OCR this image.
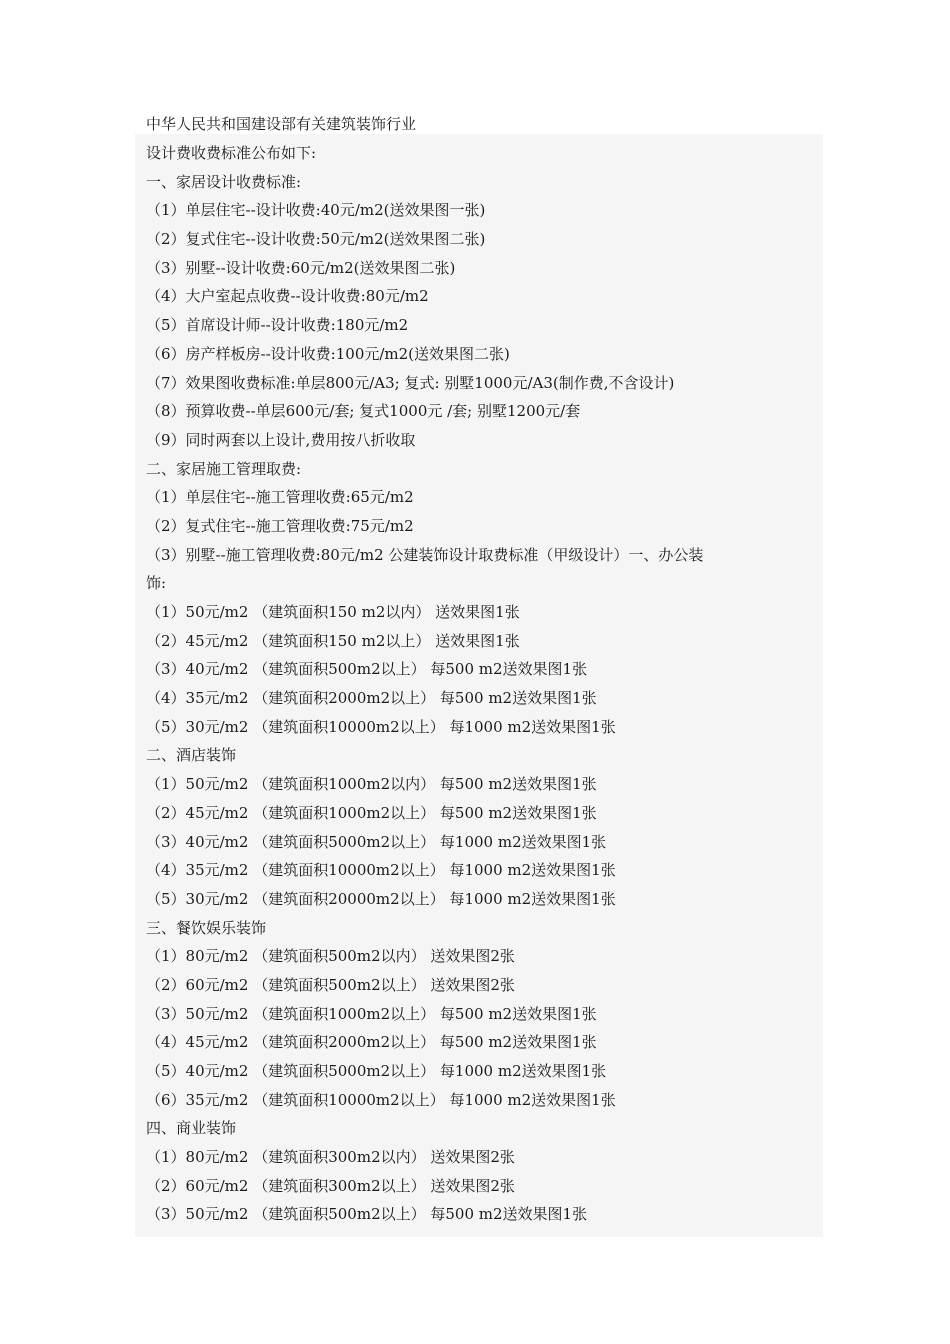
中华人民共和国建设部有关建筑装饰行业
设计费收费标准公布如下:
一、家居设计收费标准:
（1）单层住宅--设计收费:40元/m2(送效果图一张)
（2）复式住宅--设计收费:50元/m2(送效果图二张)
（3）别墅--设计收费:60元/m2(送效果图二张)
（4）大户室起点收费--设计收费:80元/m2
（5）首席设计师--设计收费:180元/m2
（6）房产样板房--设计收费:100元/m2(送效果图二张)
（7）效果图收费标准:单层800元/A3; 复式: 别墅1000元/A3(制作费,不含设计)
（8）预算收费--单层600元/套; 复式1000元 /套; 别墅1200元/套
（9）同时两套以上设计,费用按八折收取
二、家居施工管理取费:
（1）单层住宅--施工管理收费:65元/m2
（2）复式住宅--施工管理收费:75元/m2
（3）别墅--施工管理收费:80元/m2 公建装饰设计取费标准（甲级设计）一、办公装
饰:
（1）50元/m2 （建筑面积150 m2以内） 送效果图1张
（2）45元/m2 （建筑面积150 m2以上） 送效果图1张
（3）40元/m2 （建筑面积500m2以上） 每500 m2送效果图1张
（4）35元/m2 （建筑面积2000m2以上） 每500 m2送效果图1张
（5）30元/m2 （建筑面积10000m2以上） 每1000 m2送效果图1张
二、酒店装饰
（1）50元/m2 （建筑面积1000m2以内） 每500 m2送效果图1张
（2）45元/m2 （建筑面积1000m2以上） 每500 m2送效果图1张
（3）40元/m2 （建筑面积5000m2以上） 每1000 m2送效果图1张
（4）35元/m2 （建筑面积10000m2以上） 每1000 m2送效果图1张
（5）30元/m2 （建筑面积20000m2以上） 每1000 m2送效果图1张
三、餐饮娱乐装饰
（1）80元/m2 （建筑面积500m2以内） 送效果图2张
（2）60元/m2 （建筑面积500m2以上） 送效果图2张
（3）50元/m2 （建筑面积1000m2以上） 每500 m2送效果图1张
（4）45元/m2 （建筑面积2000m2以上） 每500 m2送效果图1张
（5）40元/m2 （建筑面积5000m2以上） 每1000 m2送效果图1张
（6）35元/m2 （建筑面积10000m2以上） 每1000 m2送效果图1张
四、商业装饰
（1）80元/m2 （建筑面积300m2以内） 送效果图2张
（2）60元/m2 （建筑面积300m2以上） 送效果图2张
（3）50元/m2 （建筑面积500m2以上） 每500 m2送效果图1张
